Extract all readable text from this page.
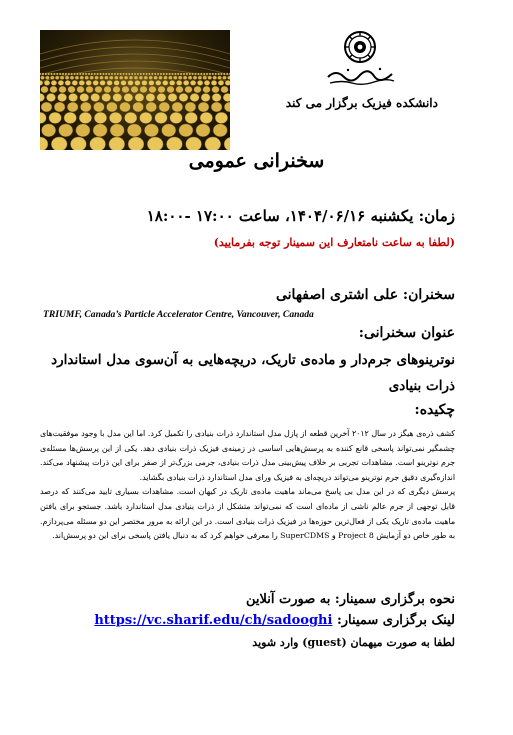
دانشکده فیزیک برگزار می کند
سخنرانی عمومی
زمان: یکشنبه ۱۴۰۴/۰۶/۱۶، ساعت ۱۷:۰۰ -۱۸:۰۰
(لطفا به ساعت نامتعارف این سمینار توجه بفرمایید)
سخنران: علی اشتری اصفهانی
TRIUMF, Canada’s Particle Accelerator Centre, Vancouver, Canada
عنوان سخنرانی:
نوترینوهای جرم‌دار و ماده‌ی تاریک، دریچه‌هایی به آن‌سوی مدل استاندارد ذرات بنیادی
چکیده:

کشف ذره‌ی هیگز در سال ۲۰۱۲ آخرین قطعه از پازل مدل استاندارد ذرات بنیادی را تکمیل کرد. اما این مدل با وجود موفقیت‌های چشمگیر نمی‌تواند پاسخی قانع کننده به پرسش‌هایی اساسی در زمینه‌ی فیزیک ذرات بنیادی دهد. یکی از این پرسش‌ها مسئله‌ی جرم نوترینو است. مشاهدات تجربی بر خلاف پیش‌بینی مدل ذرات بنیادی، جرمی بزرگ‌تر از صفر برای این ذرات پیشنهاد می‌کند. اندازه‌گیری دقیق جرم نوترینو می‌تواند دریچه‌ای به فیزیک ورای مدل استاندارد ذرات بنیادی بگشاید.

پرسش دیگری که در این مدل بی پاسخ می‌ماند ماهیت ماده‌ی تاریک در کیهان است. مشاهدات بسیاری تایید می‌کنند که درصد قابل توجهی از جرم عالم ناشی از ماده‌ای است که نمی‌تواند متشکل از ذرات بنیادی مدل استاندارد باشد. جستجو برای یافتن ماهیت ماده‌ی تاریک یکی از فعال‌ترین حوزه‌ها در فیزیک ذرات بنیادی است. در این ارائه به مرور مختصر این دو مسئله می‌پردازم. به طور خاص دو آزمایش Project 8 و SuperCDMS را معرفی خواهم کرد که به دنبال یافتن پاسخی برای این دو پرسش‌اند.

نحوه برگزاری سمینار: به صورت آنلاین
لینک برگزاری سمینار: https://vc.sharif.edu/ch/sadooghi
لطفا به صورت میهمان (guest) وارد شوید
